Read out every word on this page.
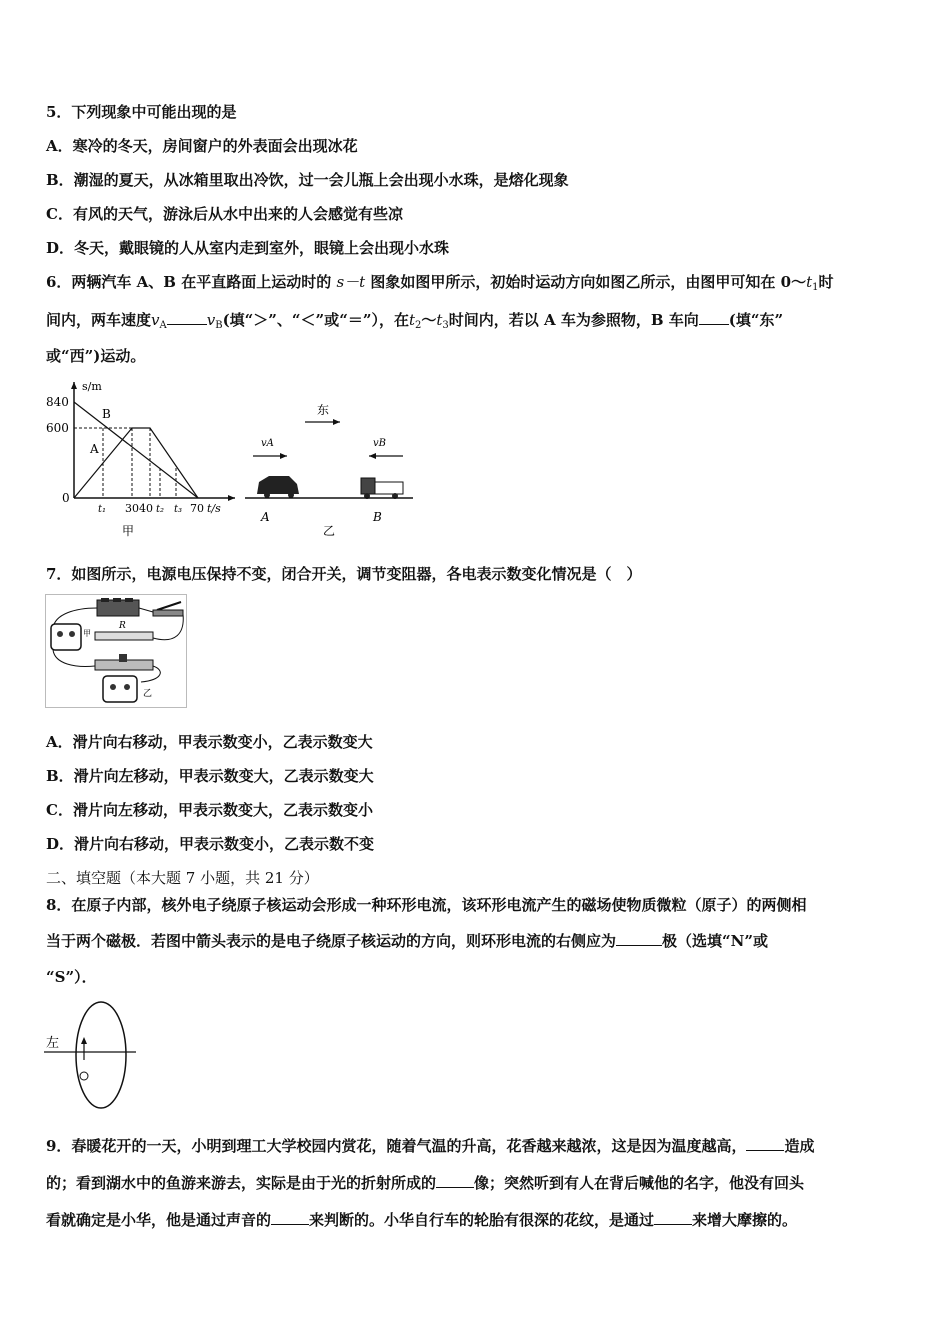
5．下列现象中可能出现的是
A．寒冷的冬天，房间窗户的外表面会出现冰花
B．潮湿的夏天，从冰箱里取出冷饮，过一会儿瓶上会出现小水珠，是熔化现象
C．有风的天气，游泳后从水中出来的人会感觉有些凉
D．冬天，戴眼镜的人从室内走到室外，眼镜上会出现小水珠
6．两辆汽车 A、B 在平直路面上运动时的 s－t 图象如图甲所示，初始时运动方向如图乙所示，由图甲可知在 $0\sim t_1$时
间内，两车速度$v_A$	$v_B$(填“＞”、“＜”或“＝”），在$t_2\sim t_3$时间内，若以 A 车为参照物，B 车向 (填“东”
或“西”)运动。
s/m
840
600
0
B
A
t₁ 3040 t₂ t₃ 70 t/s
甲
东
vA	vB
A	B
乙
7．如图所示，电源电压保持不变，闭合开关，调节变阻器，各电表示数变化情况是（　）
甲
R
乙
A．滑片向右移动，甲表示数变小，乙表示数变大
B．滑片向左移动，甲表示数变大，乙表示数变大
C．滑片向左移动，甲表示数变大，乙表示数变小
D．滑片向右移动，甲表示数变小，乙表示数不变
二、填空题（本大题 7 小题，共 21 分）
8．在原子内部，核外电子绕原子核运动会形成一种环形电流，该环形电流产生的磁场使物质微粒（原子）的两侧相
当于两个磁极．若图中箭头表示的是电子绕原子核运动的方向，则环形电流的右侧应为	极（选填“N”或
“S”）．
左
9．春暖花开的一天，小明到理工大学校园内赏花，随着气温的升高，花香越来越浓，这是因为温度越高，	造成
的；看到湖水中的鱼游来游去，实际是由于光的折射所成的	像；突然听到有人在背后喊他的名字，他没有回头
看就确定是小华，他是通过声音的	来判断的。小华自行车的轮胎有很深的花纹，是通过	来增大摩擦的。
